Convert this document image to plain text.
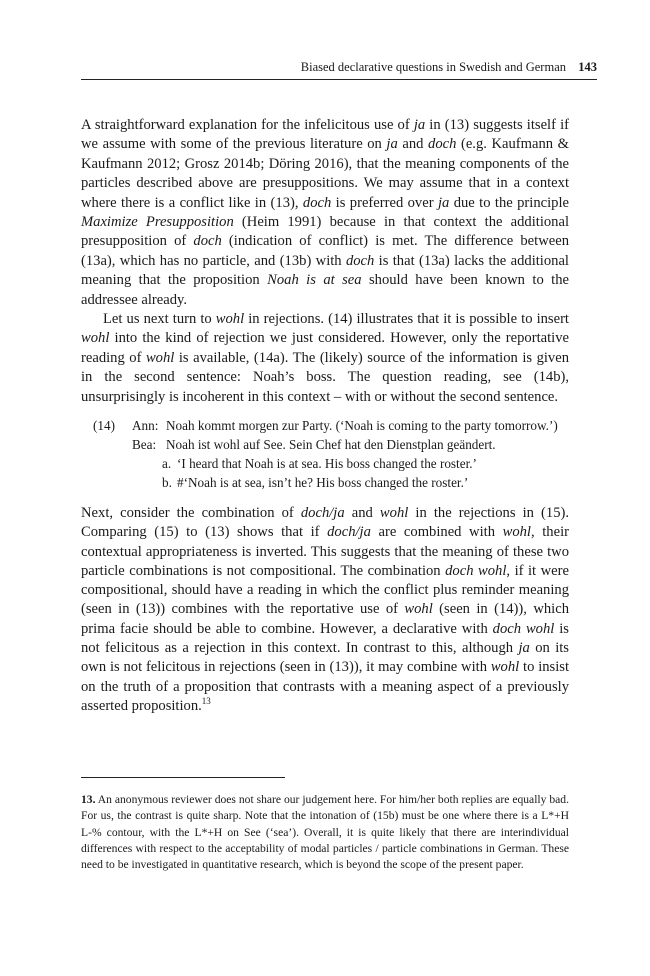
Biased declarative questions in Swedish and German 143

A straightforward explanation for the infelicitous use of ja in (13) suggests itself if we assume with some of the previous literature on ja and doch (e.g. Kaufmann & Kaufmann 2012; Grosz 2014b; Döring 2016), that the meaning components of the particles described above are presuppositions. We may assume that in a context where there is a conflict like in (13), doch is preferred over ja due to the principle Maximize Presupposition (Heim 1991) because in that context the additional presupposition of doch (indication of conflict) is met. The difference between (13a), which has no particle, and (13b) with doch is that (13a) lacks the additional meaning that the proposition Noah is at sea should have been known to the addressee already.

Let us next turn to wohl in rejections. (14) illustrates that it is possible to insert wohl into the kind of rejection we just considered. However, only the reportative reading of wohl is available, (14a). The (likely) source of the information is given in the second sentence: Noah’s boss. The question reading, see (14b), unsurprisingly is incoherent in this context – with or without the second sentence.

(14) Ann: Noah kommt morgen zur Party. (‘Noah is coming to the party tomorrow.’)
Bea: Noah ist wohl auf See. Sein Chef hat den Dienstplan geändert.
a. ‘I heard that Noah is at sea. His boss changed the roster.’
b. #‘Noah is at sea, isn’t he? His boss changed the roster.’

Next, consider the combination of doch/ja and wohl in the rejections in (15). Comparing (15) to (13) shows that if doch/ja are combined with wohl, their contextual appropriateness is inverted. This suggests that the meaning of these two particle combinations is not compositional. The combination doch wohl, if it were compositional, should have a reading in which the conflict plus reminder meaning (seen in (13)) combines with the reportative use of wohl (seen in (14)), which prima facie should be able to combine. However, a declarative with doch wohl is not felicitous as a rejection in this context. In contrast to this, although ja on its own is not felicitous in rejections (seen in (13)), it may combine with wohl to insist on the truth of a proposition that contrasts with a meaning aspect of a previously asserted proposition.$^{13}$

13. An anonymous reviewer does not share our judgement here. For him/her both replies are equally bad. For us, the contrast is quite sharp. Note that the intonation of (15b) must be one where there is a L*+H L-% contour, with the L*+H on See (‘sea’). Overall, it is quite likely that there are interindividual differences with respect to the acceptability of modal particles / particle combinations in German. These need to be investigated in quantitative research, which is beyond the scope of the present paper.
